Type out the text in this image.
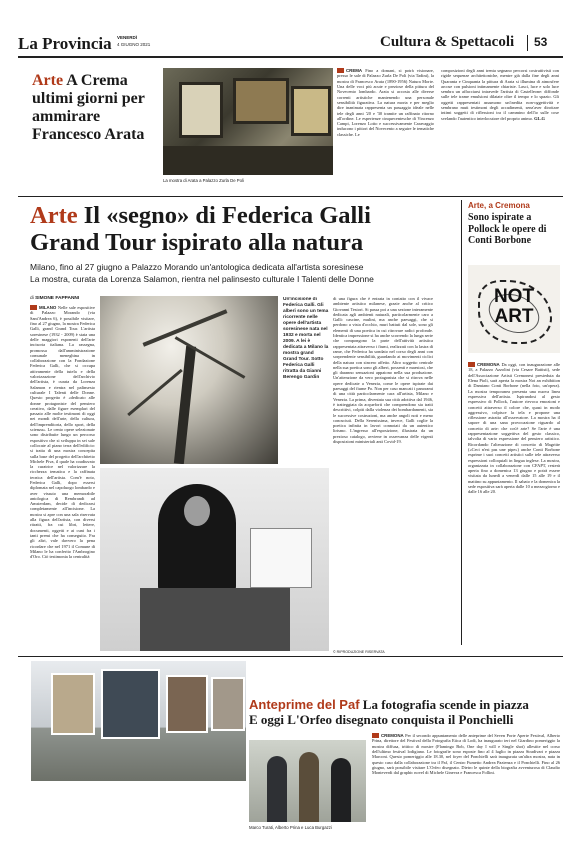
La Provincia VENERDÌ
4 GIUGNO 2021	Cultura & Spettacoli 53
Arte A Crema ultimi giorni per ammirare Francesco Arata
La mostra di Arata a Palazzo Zurla De Poli

CREMA Fino a domani, si potrà visionare, presso le sale di Palazzo Zurla De Poli (via Tadini), la mostra di Francesco Arata (1890-1956) Natura Morte. Una delle voci più acute e preziose della pittura del Novecento lombardo. Arata si accosta alle diverse correnti artistiche mantenendo una personale sensibilità figurativa. La natura morta e per meglio dire inanimata rappresenta un passaggio ideale nelle tele degli anni '20 e '30 tramite un raffinato ritorno all'ordine. Le esperienze cinquecentesche di Vincenzo Campi, Lorenzo Lotto e successivamente Caravaggio inducono i pittori del Novecento a seguire le tematiche classiche. Le

composizioni degli anni trenta segnano percorsi costruttivisti con rigide sequenze architettoniche, mentre già dalla fine degli anni Quaranta e Cinquanta la pittura di Arata si illumina di atmosfere arcose con pulsioni intimamente chiariste. Lasci, luce e solo luce sembra un affacciarsi intravede l'artista di Castelleone: diffonde sulle tele trame emulsioni dilatate oltre il tempo e lo spazio. Gli oggetti rappresentati assumono un'inedita non-oggettività e sembrano muti testimoni degli accadimenti, senz'aver dirottare intimi soggetti di riflessioni tra il cammino dell'io sulle cose svelando l'autentico interlocutore del proprio animo. GL.G

Arte Il «segno» di Federica Galli
Grand Tour ispirato alla natura
Milano, fino al 27 giugno a Palazzo Morando un'antologica dedicata all'artista soresinese
La mostra, curata da Lorenza Salamon, rientra nel palinsesto culturale I Talenti delle Donne
di SIMONE FAPPANNI

MILANO Nelle sale espositive di Palazzo Morando (via Sant'Andrea 6), è possibile visitare, fino al 27 giugno, la mostra Federica Galli, grand Grand Tour. L'artista soresinese (1932 - 2009) è stata una delle maggiori esponenti dell'arte incisoria italiana. La rassegna, promossa dall'amministrazione comunale meneghina in collaborazione con la Fondazione Federica Galli, che si occupa attivamente della tutela e della valorizzazione dell'archivio dell'artista, è curata da Lorenza Salamon e rientra nel palinsesto culturale I Talenti delle Donne. Questo progetto è «dedicato alle donne protagoniste del pensiero creativo, dalle figure esemplari del passato alle molte testimoni di oggi nei mondi dell'arte, della cultura, dell'imprenditoria, dello sport, della scienza». Le cento opere selezionate sono distribuite lungo un percorso espositivo che si sviluppa in sei sale collocate al piano terra dell'edificio: si tratta di una mostra concepita sulla base del progetto dell'architetto Michele Piva, il quale ha coadiuvato la curatrice nel valorizzare la ricchezza tematica e la raffinata tecnica dell'artista. Com'è noto, Federica Galli, dopo essersi diplomata nel capoluogo lombardo e aver vissuto una memorabile antologica di Rembrandt ad Amsterdam, decide di dedicarsi completamente all'incisione. La mostra si apre con una sala riservata alla figura dell'artista, con diversi ritratti, fra cui libri, lettere, documenti, oggetti e ai cuni fra i tanti premi che ha conseguito. Fra gli altri, vale davvero la pena ricordare che nel 1971 il Comune di Milano le ha conferito l'Ambrogino d'Oro. Ciò testimonia la centralità

Un'incisione di Federica Galli. Gli alberi sono un tema ricorrente nelle opere dell'artista soresinese nata nel 1932 e morta nel 2009. A lei è dedicata a Milano la mostra grand Grand Tour. Sotto Federica Galli ritratta da Gianni Berengo Gardin

di una figura che è entrata in contatto con il vivace ambiente artistico milanese, grazie anche al critico Giovanni Testori. Si passa poi a una sezione interamente dedicata agli ambienti naturali, particolarmente caro a Galli: cascine, mulini, ma anche paesaggi, che si perdono a vista d'occhio, muri battuti dal sole, sono gli elementi di una poetica in cui ritrovare radici profonde. Identica impressione si ha anche scorrendo la lunga serie che compongono la parte dell'attività artistica rappresentata attraverso i fiumi, realizzati con la lastra di rame, che Federica ha sondato nel corso degli anni con sorprendente sensibilità, guardando ai movimenti ciclici della natura con sincero affetto. Altro soggetto centrale nella sua poetica sono gli alberi, possenti e maestosi, che gli daranno sensazioni appaiono nella sua produzione. Un'attenzione da vero protagonista che si ritrova nelle opere dedicate a Venezia, come le opere ispirate dai paesaggi del fiume Po. Non per caso mancati i panorami di una città particolarmente cara all'artista, Milano e Venezia. La prima, diventata sua città adottiva dal 1946, è tratteggiata da acqueforti che comprendono sia tratti descrittivi, colpiti dalla violenza dei bombardamenti, sia le successive costruzioni, ma anche angoli noti e meno conosciuti. Della Serenissima, invece, Galli coglie la poetica infinita in lavori connotati da un autentico lirismo. L'ingresso all'esposizione, illustrata da un prezioso catalogo, avviene in osservanza delle vigenti disposizioni ministeriali anti Covid-19.

© RIPRODUZIONE RISERVATA
Arte, a Cremona
Sono ispirate a Pollock le opere di Conti Borbone
NOT ART

CREMONA Da oggi, con inaugurazione alle 18, a Palazzo Azzolini (via Cesare Battisti), sede dell'Associazione Artisti Cremonesi presieduta da Elena Pioli, sarà aperta la mostra Not an exhibition di Damiano Conti Borbone (nella foto, un'opera). La mostra temporanea presenta una nuova linea espressiva dell'artista. Ispirandosi al gesto espressivo di Pollock, l'autore rievoca emozioni e concetti attraverso il colore che, quasi in modo aggressivo, colpisce la tela e propone una riflessione astratta all'osservatore. La mostra ha il sapore di una sana provocazione riguardo al concetto di arte: che cos'è arte? Se l'arte è una rappresentazione soggettiva del gesto classico, talvolta di vario espressione del pensiero artistico. Ricordando l'alterazione di concetto di Magritte («Ceci n'est pas une pipe») anche Conti Borbone esprime i suoi concetti artistici sulle tele attraverso espressioni colloquiali in lingua inglese. La mostra, organizzata in collaborazione con CFAPT, resterà aperta fino a domenica 13 giugno e potrà essere visitata da lunedì a venerdì dalle 15 alle 19 e il mattino su appuntamento. Il sabato e la domenica la sede espositiva sarà aperta dalle 10 a mezzogiorno e dalle 16 alle 20.

Marco Turati, Alberto Prina e Luca Burgazzi
Anteprime del Paf La fotografia scende in piazza
E oggi L'Orfeo disegnato conquista il Ponchielli

CREMONA Per il secondo appuntamento delle anteprime del Seven Porte Aperte Festival, Alberto Prina, direttore del Festival della Fotografia Etica di Lodi, ha inaugurato ieri nel Giardino pomeriggio la mostra diffusa, trittico di mostre (Flamingo Bob, One day I will e Single shot) allestite nel corso dell'ultimo festival lodigiano. Le fotografie sono esposte fino al 4 luglio in piazza Stradivari e piazza Marconi. Questo pomeriggio alle 18.30, nel foyer del Ponchielli sarà inaugurata un'altra mostra, nata in questo caso dalla collaborazione tra il Paf, il Centro Fumetto Andrea Pazienza e il Ponchielli. Fino al 26 giugno, sarà possibile visitare L'Orfeo disegnato. Dietro le quinte della biografia avventurosa di Claudio Monteverdi dal graphic novel di Michele Ginevra e Francesca Follini.
